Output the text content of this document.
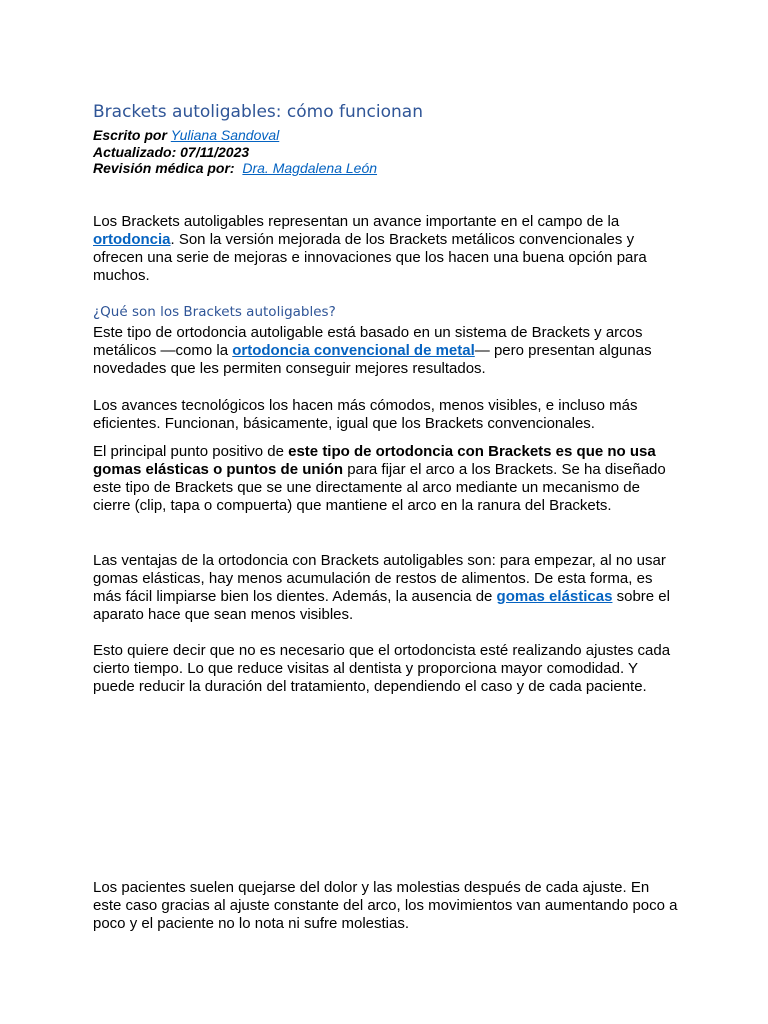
Brackets autoligables: cómo funcionan
Escrito por Yuliana Sandoval
Actualizado: 07/11/2023
Revisión médica por: Dra. Magdalena León

Los Brackets autoligables representan un avance importante en el campo de la ortodoncia. Son la versión mejorada de los Brackets metálicos convencionales y ofrecen una serie de mejoras e innovaciones que los hacen una buena opción para muchos.

¿Qué son los Brackets autoligables?

Este tipo de ortodoncia autoligable está basado en un sistema de Brackets y arcos metálicos —como la ortodoncia convencional de metal— pero presentan algunas novedades que les permiten conseguir mejores resultados.

Los avances tecnológicos los hacen más cómodos, menos visibles, e incluso más eficientes. Funcionan, básicamente, igual que los Brackets convencionales.

El principal punto positivo de este tipo de ortodoncia con Brackets es que no usa gomas elásticas o puntos de unión para fijar el arco a los Brackets. Se ha diseñado este tipo de Brackets que se une directamente al arco mediante un mecanismo de cierre (clip, tapa o compuerta) que mantiene el arco en la ranura del Brackets.

Las ventajas de la ortodoncia con Brackets autoligables son: para empezar, al no usar gomas elásticas, hay menos acumulación de restos de alimentos. De esta forma, es más fácil limpiarse bien los dientes. Además, la ausencia de gomas elásticas sobre el aparato hace que sean menos visibles.

Esto quiere decir que no es necesario que el ortodoncista esté realizando ajustes cada cierto tiempo. Lo que reduce visitas al dentista y proporciona mayor comodidad. Y puede reducir la duración del tratamiento, dependiendo el caso y de cada paciente.

Los pacientes suelen quejarse del dolor y las molestias después de cada ajuste. En este caso gracias al ajuste constante del arco, los movimientos van aumentando poco a poco y el paciente no lo nota ni sufre molestias.
